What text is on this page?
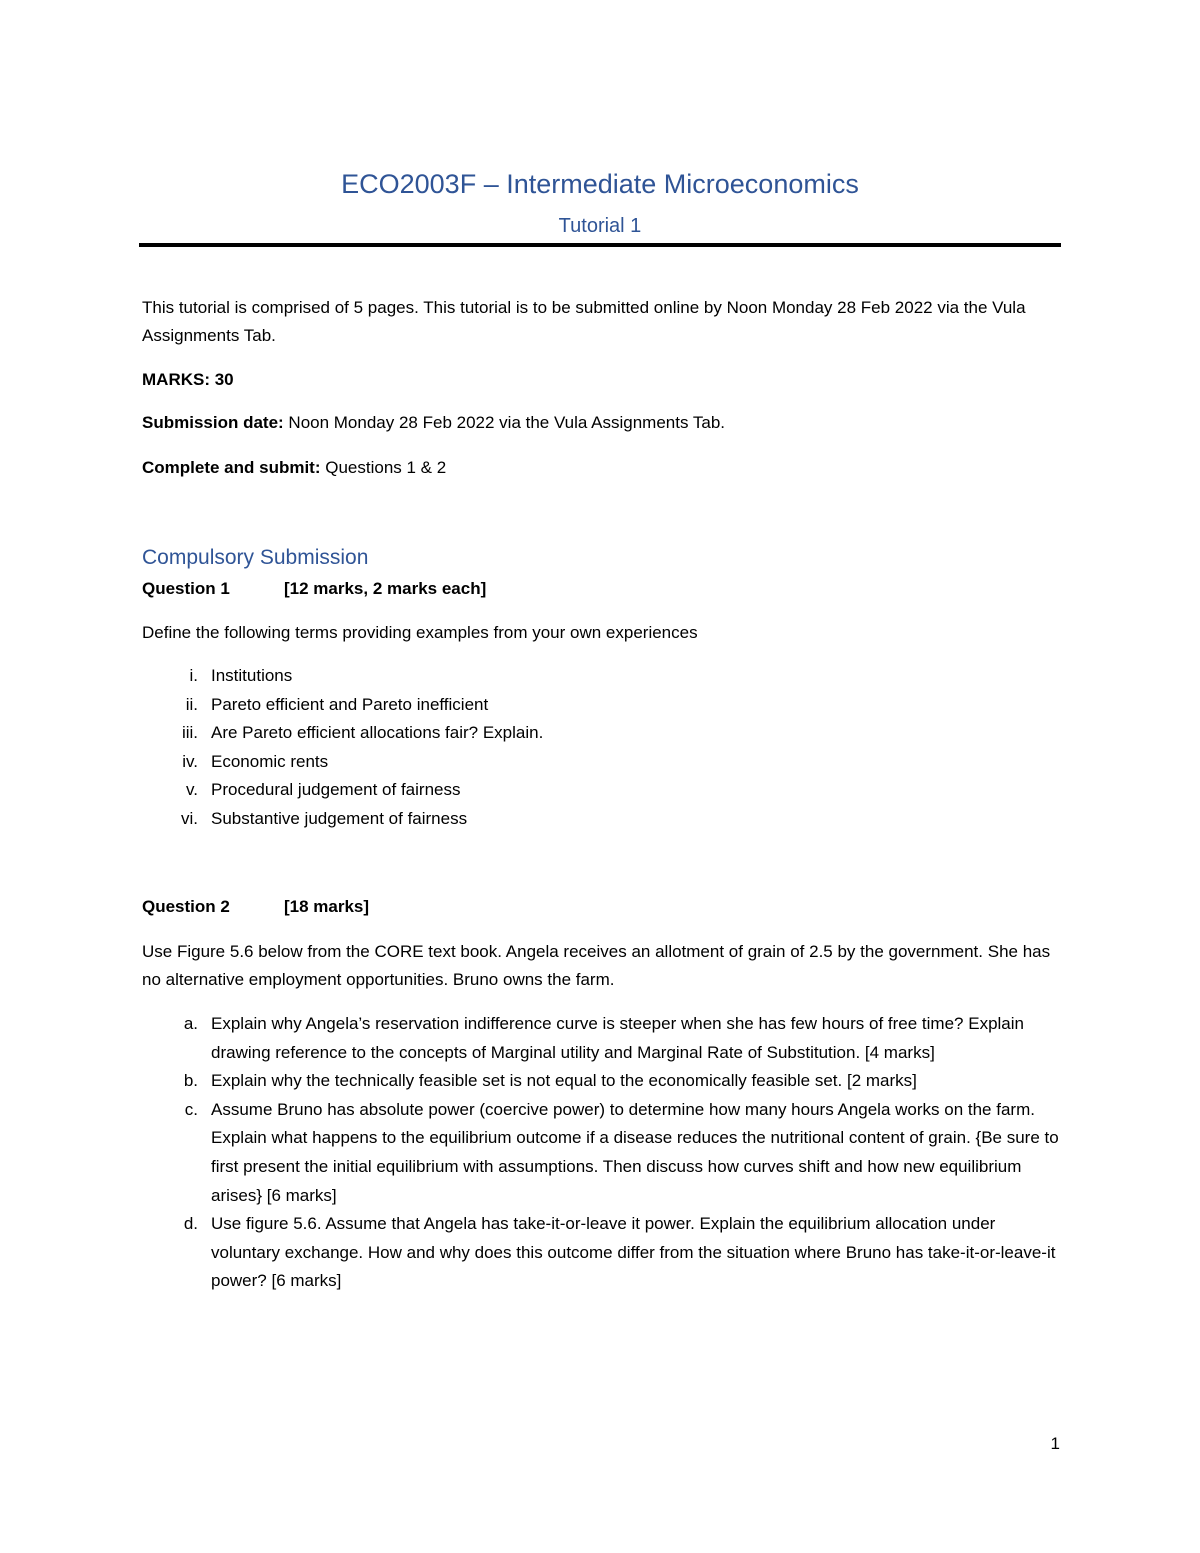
ECO2003F – Intermediate Microeconomics
Tutorial 1
This tutorial is comprised of 5 pages. This tutorial is to be submitted online by Noon Monday 28 Feb 2022 via the Vula Assignments Tab.
MARKS: 30
Submission date: Noon Monday 28 Feb 2022 via the Vula Assignments Tab.
Complete and submit: Questions 1 & 2
Compulsory Submission
Question 1	[12 marks, 2 marks each]
Define the following terms providing examples from your own experiences
i. Institutions
ii. Pareto efficient and Pareto inefficient
iii. Are Pareto efficient allocations fair? Explain.
iv. Economic rents
v. Procedural judgement of fairness
vi. Substantive judgement of fairness
Question 2	[18 marks]
Use Figure 5.6 below from the CORE text book. Angela receives an allotment of grain of 2.5 by the government. She has no alternative employment opportunities. Bruno owns the farm.
a. Explain why Angela’s reservation indifference curve is steeper when she has few hours of free time? Explain drawing reference to the concepts of Marginal utility and Marginal Rate of Substitution. [4 marks]
b. Explain why the technically feasible set is not equal to the economically feasible set. [2 marks]
c. Assume Bruno has absolute power (coercive power) to determine how many hours Angela works on the farm. Explain what happens to the equilibrium outcome if a disease reduces the nutritional content of grain. {Be sure to first present the initial equilibrium with assumptions. Then discuss how curves shift and how new equilibrium arises} [6 marks]
d. Use figure 5.6. Assume that Angela has take-it-or-leave it power. Explain the equilibrium allocation under voluntary exchange. How and why does this outcome differ from the situation where Bruno has take-it-or-leave-it power? [6 marks]
1
